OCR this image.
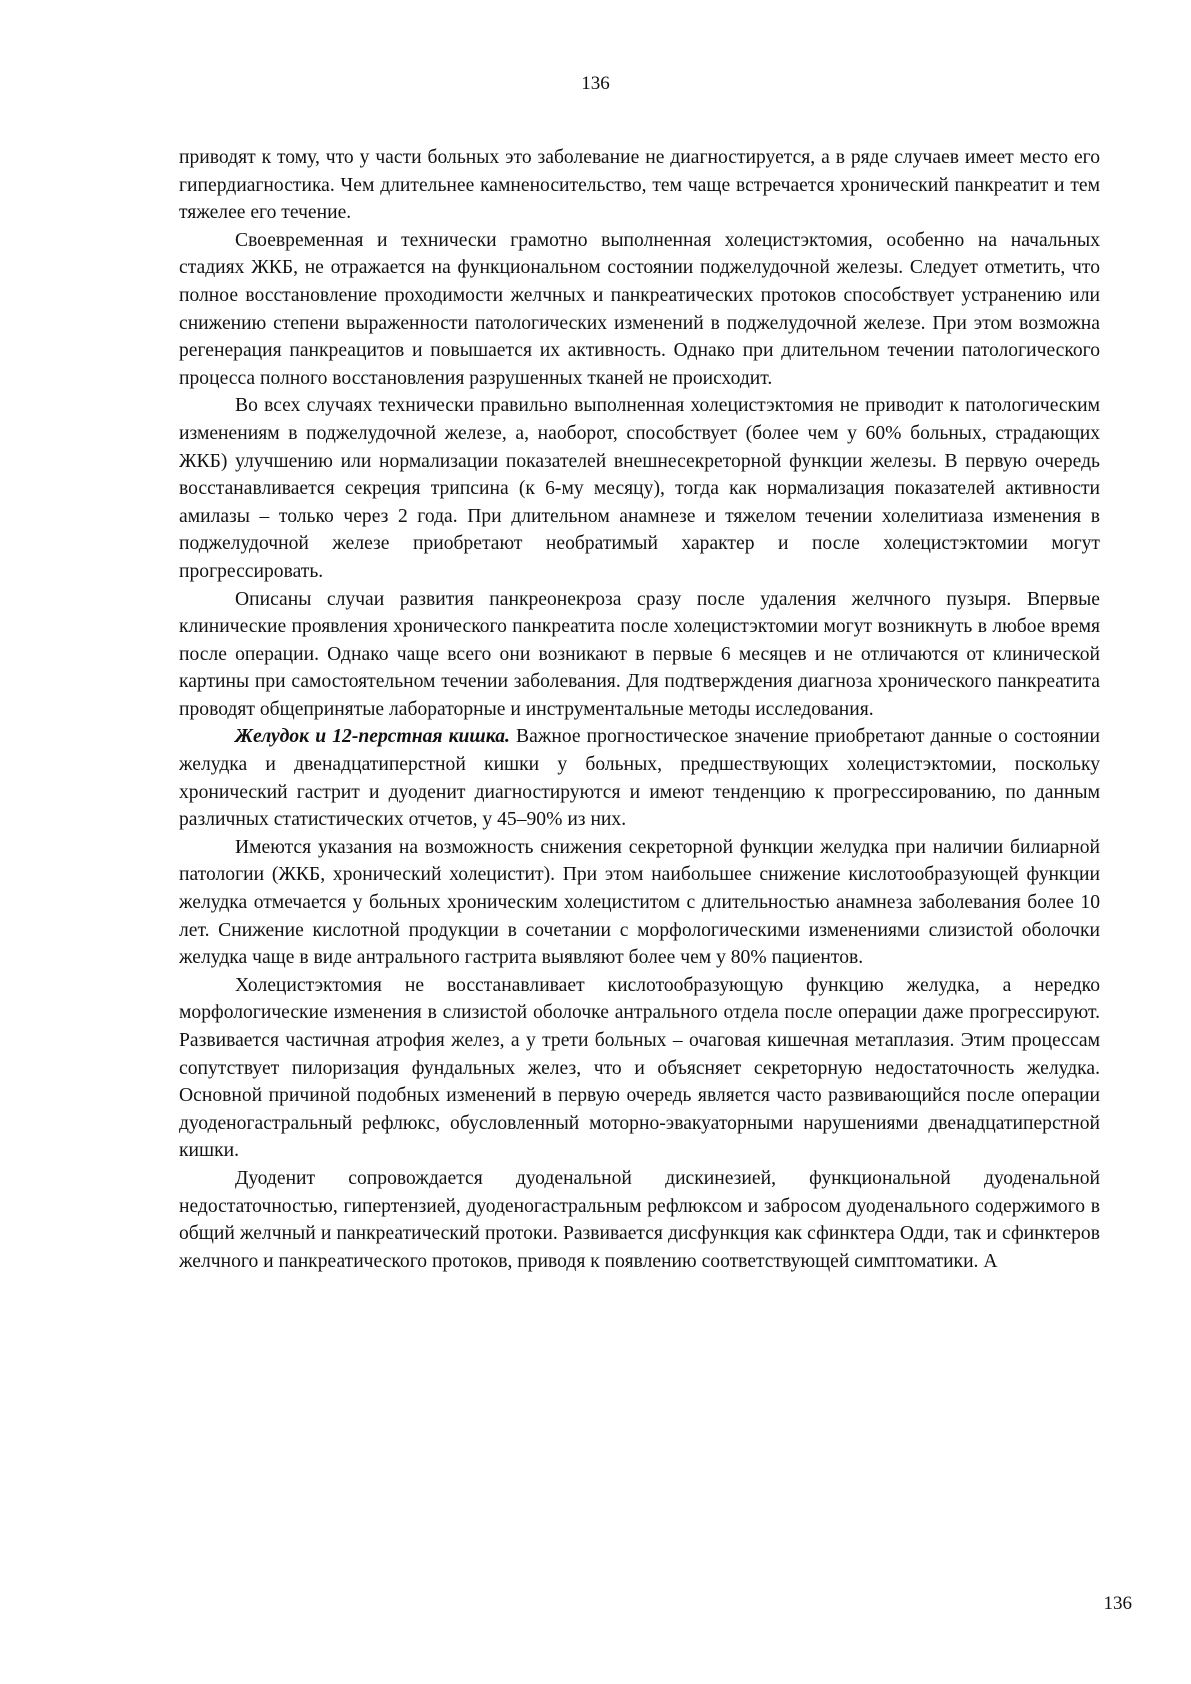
136

приводят к тому, что у части больных это заболевание не диагностируется, а в ряде случаев имеет место его гипердиагностика. Чем длительнее камненосительство, тем чаще встречается хронический панкреатит и тем тяжелее его течение.

Своевременная и технически грамотно выполненная холецистэктомия, особенно на начальных стадиях ЖКБ, не отражается на функциональном состоянии поджелудочной железы. Следует отметить, что полное восстановление проходимости желчных и панкреатических протоков способствует устранению или снижению степени выраженности патологических изменений в поджелудочной железе. При этом возможна регенерация панкреацитов и повышается их активность. Однако при длительном течении патологического процесса полного восстановления разрушенных тканей не происходит.

Во всех случаях технически правильно выполненная холецистэктомия не приводит к патологическим изменениям в поджелудочной железе, а, наоборот, способствует (более чем у 60% больных, страдающих ЖКБ) улучшению или нормализации показателей внешнесекреторной функции железы. В первую очередь восстанавливается секреция трипсина (к 6-му месяцу), тогда как нормализация показателей активности амилазы – только через 2 года. При длительном анамнезе и тяжелом течении холелитиаза изменения в поджелудочной железе приобретают необратимый характер и после холецистэктомии могут прогрессировать.

Описаны случаи развития панкреонекроза сразу после удаления желчного пузыря. Впервые клинические проявления хронического панкреатита после холецистэктомии могут возникнуть в любое время после операции. Однако чаще всего они возникают в первые 6 месяцев и не отличаются от клинической картины при самостоятельном течении заболевания. Для подтверждения диагноза хронического панкреатита проводят общепринятые лабораторные и инструментальные методы исследования.

Желудок и 12-перстная кишка. Важное прогностическое значение приобретают данные о состоянии желудка и двенадцатиперстной кишки у больных, предшествующих холецистэктомии, поскольку хронический гастрит и дуоденит диагностируются и имеют тенденцию к прогрессированию, по данным различных статистических отчетов, у 45–90% из них.

Имеются указания на возможность снижения секреторной функции желудка при наличии билиарной патологии (ЖКБ, хронический холецистит). При этом наибольшее снижение кислотообразующей функции желудка отмечается у больных хроническим холециститом с длительностью анамнеза заболевания более 10 лет. Снижение кислотной продукции в сочетании с морфологическими изменениями слизистой оболочки желудка чаще в виде антрального гастрита выявляют более чем у 80% пациентов.

Холецистэктомия не восстанавливает кислотообразующую функцию желудка, а нередко морфологические изменения в слизистой оболочке антрального отдела после операции даже прогрессируют. Развивается частичная атрофия желез, а у трети больных – очаговая кишечная метаплазия. Этим процессам сопутствует пилоризация фундальных желез, что и объясняет секреторную недостаточность желудка. Основной причиной подобных изменений в первую очередь является часто развивающийся после операции дуоденогастральный рефлюкс, обусловленный моторно-эвакуаторными нарушениями двенадцатиперстной кишки.

Дуоденит сопровождается дуоденальной дискинезией, функциональной дуоденальной недостаточностью, гипертензией, дуоденогастральным рефлюксом и забросом дуоденального содержимого в общий желчный и панкреатический протоки. Развивается дисфункция как сфинктера Одди, так и сфинктеров желчного и панкреатического протоков, приводя к появлению соответствующей симптоматики. А

136
